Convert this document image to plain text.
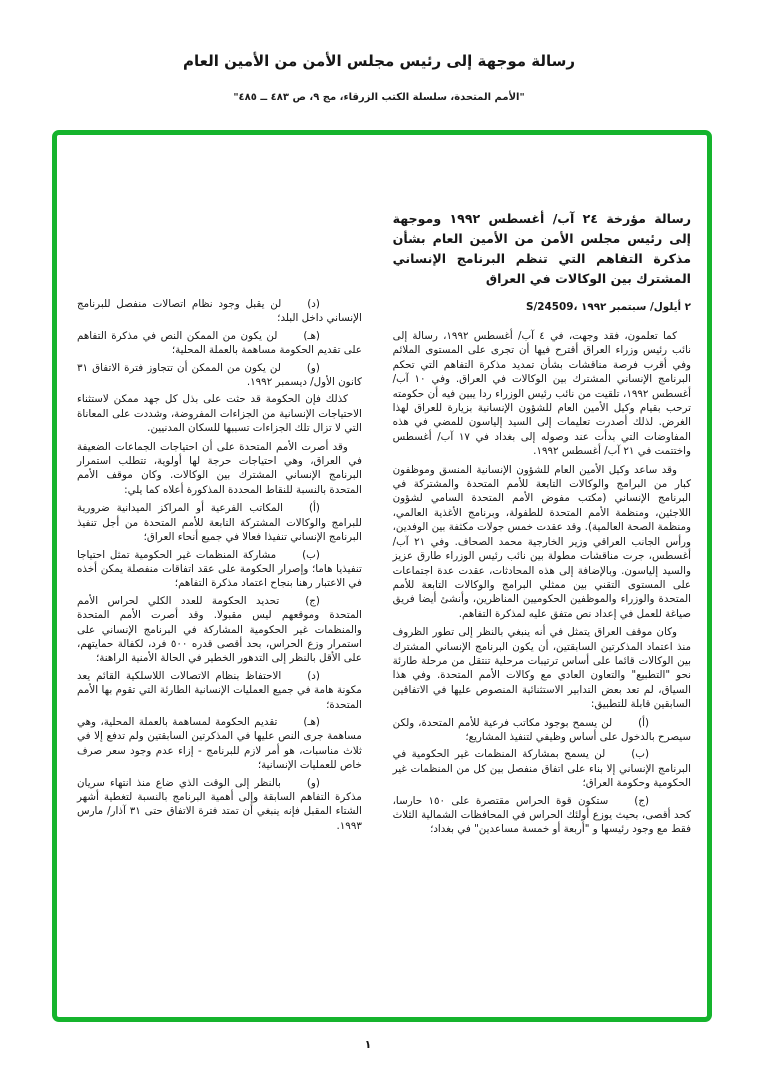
رسالة موجهة إلى رئيس مجلس الأمن من الأمين العام
"الأمم المتحدة، سلسلة الكتب الزرقاء، مج ٩، ص ٤٨٣ ــ ٤٨٥"
رسالة مؤرخة ٢٤ آب/ أغسطس ١٩٩٢ وموجهة إلى رئيس مجلس الأمن من الأمين العام بشأن مذكرة التفاهم التي تنظم البرنامج الإنساني المشترك بين الوكالات في العراق
S/24509، ٢ أيلول/ سبتمبر ١٩٩٢

كما تعلمون، فقد وجهت، في ٤ آب/ أغسطس ١٩٩٢، رسالة إلى نائب رئيس وزراء العراق أقترح فيها أن تجرى على المستوى الملائم وفي أقرب فرصة مناقشات بشأن تمديد مذكرة التفاهم التي تحكم البرنامج الإنساني المشترك بين الوكالات في العراق. وفي ١٠ آب/ أغسطس ١٩٩٢، تلقيت من نائب رئيس الوزراء ردا يبين فيه أن حكومته ترحب بقيام وكيل الأمين العام للشؤون الإنسانية بزيارة للعراق لهذا الغرض. لذلك أصدرت تعليمات إلى السيد إلياسون للمضي في هذه المفاوضات التي بدأت عند وصوله إلى بغداد في ١٧ آب/ أغسطس واختتمت في ٢١ آب/ أغسطس ١٩٩٢.

وقد ساعد وكيل الأمين العام للشؤون الإنسانية المنسق وموظفون كبار من البرامج والوكالات التابعة للأمم المتحدة والمشتركة في البرنامج الإنساني (مكتب مفوض الأمم المتحدة السامي لشؤون اللاجئين، ومنظمة الأمم المتحدة للطفولة، وبرنامج الأغذية العالمي، ومنظمة الصحة العالمية). وقد عقدت خمس جولات مكثفة بين الوفدين، ورأس الجانب العراقي وزير الخارجية محمد الصحاف. وفي ٢١ آب/ أغسطس، جرت مناقشات مطولة بين نائب رئيس الوزراء طارق عزيز والسيد إلياسون. وبالإضافة إلى هذه المحادثات، عقدت عدة اجتماعات على المستوى التقني بين ممثلي البرامج والوكالات التابعة للأمم المتحدة والوزراء والموظفين الحكوميين المناظرين، وأنشئ أيضا فريق صياغة للعمل في إعداد نص متفق عليه لمذكرة التفاهم.

وكان موقف العراق يتمثل في أنه ينبغي بالنظر إلى تطور الظروف منذ اعتماد المذكرتين السابقتين، أن يكون البرنامج الإنساني المشترك بين الوكالات قائما على أساس ترتيبات مرحلية تنتقل من مرحلة طارئة نحو "التطبيع" والتعاون العادي مع وكالات الأمم المتحدة. وفي هذا السياق، لم تعد بعض التدابير الاستثنائية المنصوص عليها في الاتفاقين السابقين قابلة للتطبيق:

(أ)لن يسمح بوجود مكاتب فرعية للأمم المتحدة، ولكن سيصرح بالدخول على أساس وظيفي لتنفيذ المشاريع؛

(ب)لن يسمح بمشاركة المنظمات غير الحكومية في البرنامج الإنساني إلا بناء على اتفاق منفصل بين كل من المنظمات غير الحكومية وحكومة العراق؛

(ج)ستكون قوة الحراس مقتصرة على ١٥٠ حارسا، كحد أقصى، بحيث يوزع أولئك الحراس في المحافظات الشمالية الثلاث فقط مع وجود رئيسها و "أربعة أو خمسة مساعدين" في بغداد؛

(د)لن يقبل وجود نظام اتصالات منفصل للبرنامج الإنساني داخل البلد؛

(هـ)لن يكون من الممكن النص في مذكرة التفاهم على تقديم الحكومة مساهمة بالعملة المحلية؛

(و)لن يكون من الممكن أن تتجاوز فترة الاتفاق ٣١ كانون الأول/ ديسمبر ١٩٩٢.

كذلك فإن الحكومة قد حثت على بذل كل جهد ممكن لاستثناء الاحتياجات الإنسانية من الجزاءات المفروضة، وشددت على المعاناة التي لا تزال تلك الجزاءات تسببها للسكان المدنيين.

وقد أصرت الأمم المتحدة على أن احتياجات الجماعات الضعيفة في العراق، وهي احتياجات حرجة لها أولوية، تتطلب استمرار البرنامج الإنساني المشترك بين الوكالات. وكان موقف الأمم المتحدة بالنسبة للنقاط المحددة المذكورة أعلاه كما يلي:

(أ)المكاتب الفرعية أو المراكز الميدانية ضرورية للبرامج والوكالات المشتركة التابعة للأمم المتحدة من أجل تنفيذ البرنامج الإنساني تنفيذا فعالا في جميع أنحاء العراق؛

(ب)مشاركة المنظمات غير الحكومية تمثل احتياجا تنفيذيا هاما؛ وإصرار الحكومة على عقد اتفاقات منفصلة يمكن أخذه في الاعتبار رهنا بنجاح اعتماد مذكرة التفاهم؛

(ج)تحديد الحكومة للعدد الكلي لحراس الأمم المتحدة وموقعهم ليس مقبولا. وقد أصرت الأمم المتحدة والمنظمات غير الحكومية المشاركة في البرنامج الإنساني على استمرار وزع الحراس، بحد أقصى قدره ٥٠٠ فرد، لكفالة حمايتهم، على الأقل بالنظر إلى التدهور الخطير في الحالة الأمنية الراهنة؛

(د)الاحتفاظ بنظام الاتصالات اللاسلكية القائم يعد مكونة هامة في جميع العمليات الإنسانية الطارئة التي تقوم بها الأمم المتحدة؛

(هـ)تقديم الحكومة لمساهمة بالعملة المحلية، وهي مساهمة جرى النص عليها في المذكرتين السابقتين ولم تدفع إلا في ثلاث مناسبات، هو أمر لازم للبرنامج - إزاء عدم وجود سعر صرف خاص للعمليات الإنسانية؛

(و)بالنظر إلى الوقت الذي ضاع منذ انتهاء سريان مذكرة التفاهم السابقة وإلى أهمية البرنامج بالنسبة لتغطية أشهر الشتاء المقبل فإنه ينبغي أن تمتد فترة الاتفاق حتى ٣١ آذار/ مارس ١٩٩٣.

١
